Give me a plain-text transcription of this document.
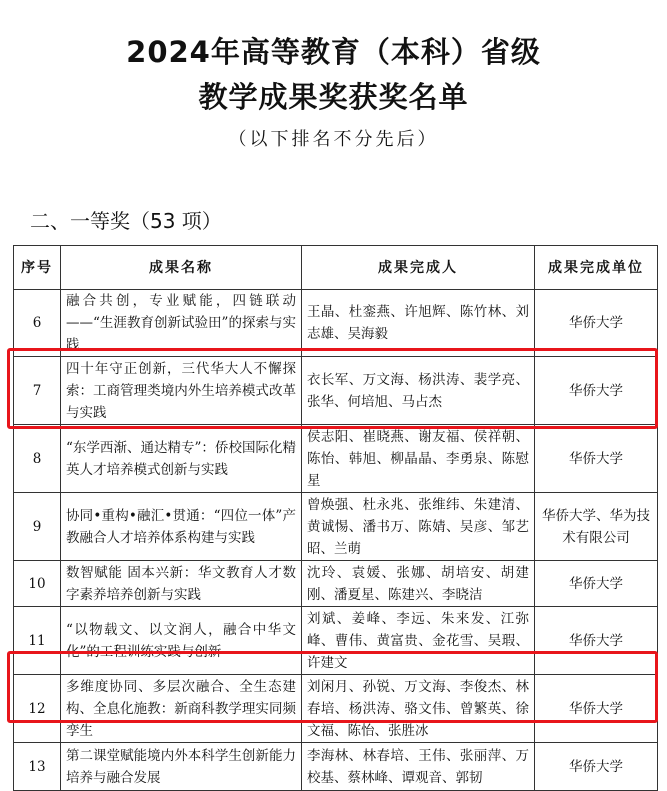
2024年高等教育（本科）省级
教学成果奖获奖名单
（以下排名不分先后）
二、一等奖（53 项）
序号	成果名称	成果完成人	成果完成单位
6	融合共创，专业赋能，四链联动——“生涯教育创新试验田”的探索与实践	王晶、杜銮燕、许旭辉、陈竹林、刘志雄、吴海毅	华侨大学
7	四十年守正创新，三代华大人不懈探索：工商管理类境内外生培养模式改革与实践	衣长军、万文海、杨洪涛、裴学亮、张华、何培旭、马占杰	华侨大学
8	“东学西渐、通达精专”：侨校国际化精英人才培养模式创新与实践	侯志阳、崔晓燕、谢友福、侯祥朝、陈怡、韩旭、柳晶晶、李勇泉、陈慰星	华侨大学
9	协同•重构•融汇•贯通：“四位一体”产教融合人才培养体系构建与实践	曾焕强、杜永兆、张维纬、朱建清、黄诚惕、潘书万、陈婧、吴彦、邹艺昭、兰萌	华侨大学、华为技术有限公司
10	数智赋能 固本兴新：华文教育人才数字素养培养创新与实践	沈玲、袁媛、张娜、胡培安、胡建刚、潘夏星、陈建兴、李晓洁	华侨大学
11	“以物载文、以文润人，融合中华文化”的工程训练实践与创新	刘斌、姜峰、李远、朱来发、江弥峰、曹伟、黄富贵、金花雪、吴瑕、许建文	华侨大学
12	多维度协同、多层次融合、全生态建构、全息化施教：新商科教学理实同频孪生	刘闲月、孙锐、万文海、李俊杰、林春培、杨洪涛、骆文伟、曾繁英、徐文福、陈怡、张胜冰	华侨大学
13	第二课堂赋能境内外本科学生创新能力培养与融合发展	李海林、林春培、王伟、张丽萍、万校基、蔡林峰、谭观音、郭韧	华侨大学
